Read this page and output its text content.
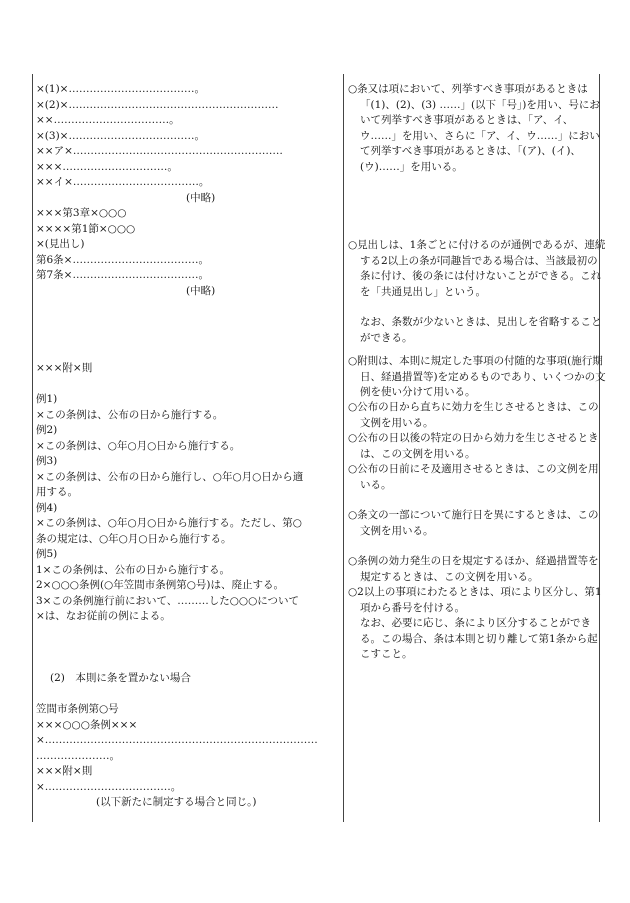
×(1)×………………………………。
×(2)×……………………………………………………
××……………………………。
×(3)×………………………………。
××ア×……………………………………………………
×××…………………………。
××イ×………………………………。
(中略)
×××第3章×○○○
××××第1節×○○○
×(見出し)
第6条×………………………………。
第7条×………………………………。
(中略)
×××附×則
例1)
×この条例は、公布の日から施行する。
例2)
×この条例は、○年○月○日から施行する。
例3)
×この条例は、公布の日から施行し、○年○月○日から適
用する。
例4)
×この条例は、○年○月○日から施行する。ただし、第○
条の規定は、○年○月○日から施行する。
例5)
1×この条例は、公布の日から施行する。
2×○○○条例(○年笠間市条例第○号)は、廃止する。
3×この条例施行前において、………した○○○について
×は、なお従前の例による。
(2)　本則に条を置かない場合
笠間市条例第○号
×××○○○条例×××
×……………………………………………………………………
…………………。
×××附×則
×………………………………。
(以下新たに制定する場合と同じ。)
○条又は項において、列挙すべき事項があるときは「(1)、(2)、(3) ……」(以下「号」)を用い、号において列挙すべき事項があるときは、「ア、イ、ウ……」を用い、さらに「ア、イ、ウ……」において列挙すべき事項があるときは、「(ア)、(イ)、(ウ)……」を用いる。
○見出しは、1条ごとに付けるのが通例であるが、連続する2以上の条が同趣旨である場合は、当該最初の条に付け、後の条には付けないことができる。これを「共通見出し」という。
なお、条数が少ないときは、見出しを省略することができる。
○附則は、本則に規定した事項の付随的な事項(施行期日、経過措置等)を定めるものであり、いくつかの文例を使い分けて用いる。
○公布の日から直ちに効力を生じさせるときは、この文例を用いる。
○公布の日以後の特定の日から効力を生じさせるときは、この文例を用いる。
○公布の日前にそ及適用させるときは、この文例を用いる。
○条文の一部について施行日を異にするときは、この文例を用いる。
○条例の効力発生の日を規定するほか、経過措置等を規定するときは、この文例を用いる。
○2以上の事項にわたるときは、項により区分し、第1項から番号を付ける。
なお、必要に応じ、条により区分することができる。この場合、条は本則と切り離して第1条から起こすこと。
